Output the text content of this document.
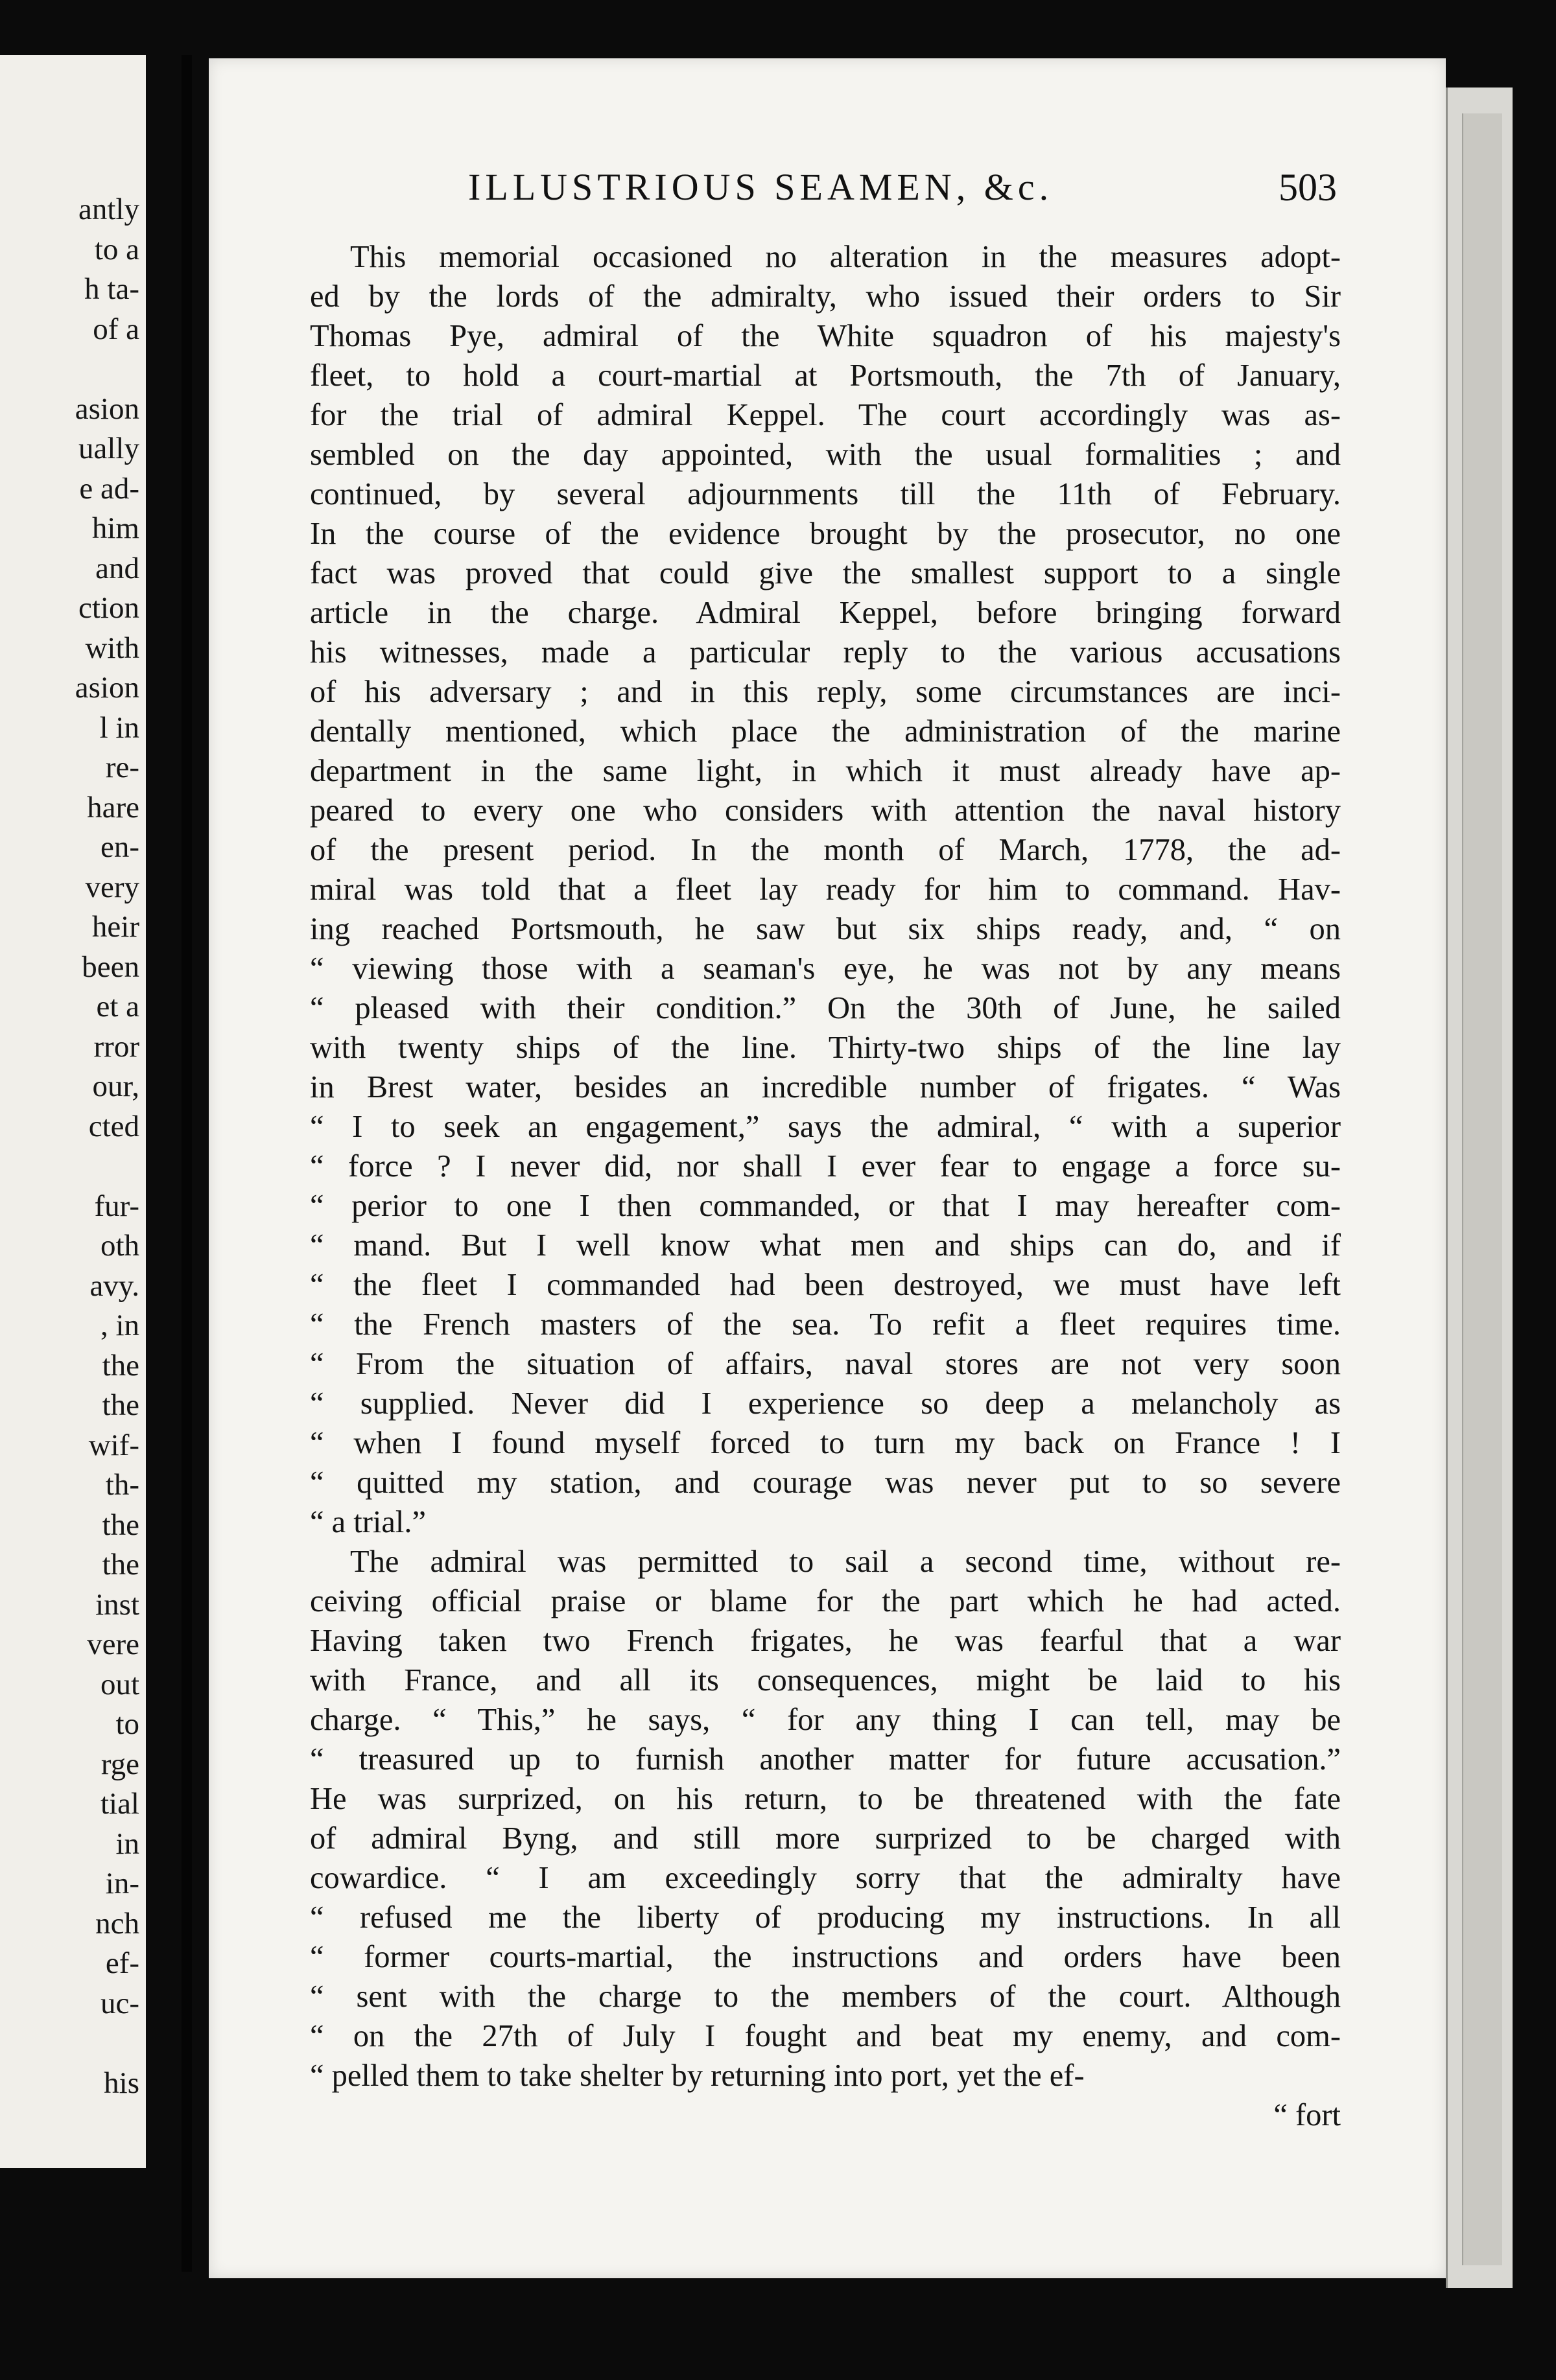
antly
to a
h ta-
of a
asion
ually
e ad-
him
and
ction
with
asion
l in
re-
hare
en-
very
heir
been
et a
rror
our,
cted
fur-
oth
avy.
, in
the
the
wif-
th-
the
the
inst
vere
out
to
rge
tial
in
in-
nch
ef-
uc-
his
ILLUSTRIOUS SEAMEN, &c.	503
This memorial occasioned no alteration in the measures adopt-
ed by the lords of the admiralty, who issued their orders to Sir
Thomas Pye, admiral of the White squadron of his majesty's
fleet, to hold a court-martial at Portsmouth, the 7th of January,
for the trial of admiral Keppel. The court accordingly was as-
sembled on the day appointed, with the usual formalities ; and
continued, by several adjournments till the 11th of February.
In the course of the evidence brought by the prosecutor, no one
fact was proved that could give the smallest support to a single
article in the charge. Admiral Keppel, before bringing forward
his witnesses, made a particular reply to the various accusations
of his adversary ; and in this reply, some circumstances are inci-
dentally mentioned, which place the administration of the marine
department in the same light, in which it must already have ap-
peared to every one who considers with attention the naval history
of the present period. In the month of March, 1778, the ad-
miral was told that a fleet lay ready for him to command. Hav-
ing reached Portsmouth, he saw but six ships ready, and, “ on
“ viewing those with a seaman's eye, he was not by any means
“ pleased with their condition.” On the 30th of June, he sailed
with twenty ships of the line. Thirty-two ships of the line lay
in Brest water, besides an incredible number of frigates. “ Was
“ I to seek an engagement,” says the admiral, “ with a superior
“ force ? I never did, nor shall I ever fear to engage a force su-
“ perior to one I then commanded, or that I may hereafter com-
“ mand. But I well know what men and ships can do, and if
“ the fleet I commanded had been destroyed, we must have left
“ the French masters of the sea. To refit a fleet requires time.
“ From the situation of affairs, naval stores are not very soon
“ supplied. Never did I experience so deep a melancholy as
“ when I found myself forced to turn my back on France ! I
“ quitted my station, and courage was never put to so severe
“ a trial.”
The admiral was permitted to sail a second time, without re-
ceiving official praise or blame for the part which he had acted.
Having taken two French frigates, he was fearful that a war
with France, and all its consequences, might be laid to his
charge. “ This,” he says, “ for any thing I can tell, may be
“ treasured up to furnish another matter for future accusation.”
He was surprized, on his return, to be threatened with the fate
of admiral Byng, and still more surprized to be charged with
cowardice. “ I am exceedingly sorry that the admiralty have
“ refused me the liberty of producing my instructions. In all
“ former courts-martial, the instructions and orders have been
“ sent with the charge to the members of the court. Although
“ on the 27th of July I fought and beat my enemy, and com-
“ pelled them to take shelter by returning into port, yet the ef-
“ fort
